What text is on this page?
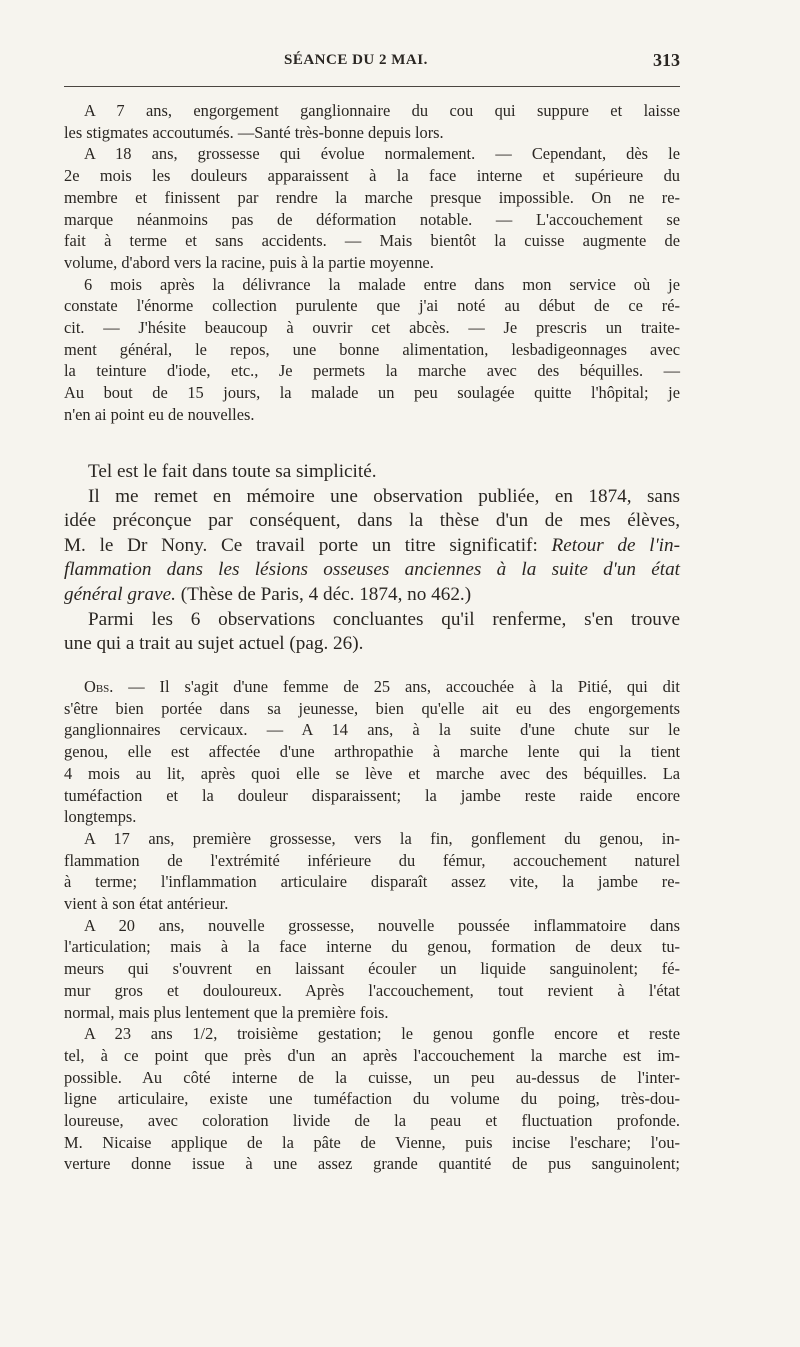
SÉANCE DU 2 MAI.	313

A 7 ans, engorgement ganglionnaire du cou qui suppure et laisse

les stigmates accoutumés. —Santé très-bonne depuis lors.

A 18 ans, grossesse qui évolue normalement. — Cependant, dès le

2e mois les douleurs apparaissent à la face interne et supérieure du

membre et finissent par rendre la marche presque impossible. On ne re-

marque néanmoins pas de déformation notable. — L'accouchement se

fait à terme et sans accidents. — Mais bientôt la cuisse augmente de

volume, d'abord vers la racine, puis à la partie moyenne.

6 mois après la délivrance la malade entre dans mon service où je

constate l'énorme collection purulente que j'ai noté au début de ce ré-

cit. — J'hésite beaucoup à ouvrir cet abcès. — Je prescris un traite-

ment général, le repos, une bonne alimentation, lesbadigeonnages avec

la teinture d'iode, etc., Je permets la marche avec des béquilles. —

Au bout de 15 jours, la malade un peu soulagée quitte l'hôpital; je

n'en ai point eu de nouvelles.

Tel est le fait dans toute sa simplicité.

Il me remet en mémoire une observation publiée, en 1874, sans

idée préconçue par conséquent, dans la thèse d'un de mes élèves,

M. le Dr Nony. Ce travail porte un titre significatif: Retour de l'in-

flammation dans les lésions osseuses anciennes à la suite d'un état

général grave. (Thèse de Paris, 4 déc. 1874, no 462.)

Parmi les 6 observations concluantes qu'il renferme, s'en trouve

une qui a trait au sujet actuel (pag. 26).

Obs. — Il s'agit d'une femme de 25 ans, accouchée à la Pitié, qui dit

s'être bien portée dans sa jeunesse, bien qu'elle ait eu des engorgements

ganglionnaires cervicaux. — A 14 ans, à la suite d'une chute sur le

genou, elle est affectée d'une arthropathie à marche lente qui la tient

4 mois au lit, après quoi elle se lève et marche avec des béquilles. La

tuméfaction et la douleur disparaissent; la jambe reste raide encore

longtemps.

A 17 ans, première grossesse, vers la fin, gonflement du genou, in-

flammation de l'extrémité inférieure du fémur, accouchement naturel

à terme; l'inflammation articulaire disparaît assez vite, la jambe re-

vient à son état antérieur.

A 20 ans, nouvelle grossesse, nouvelle poussée inflammatoire dans

l'articulation; mais à la face interne du genou, formation de deux tu-

meurs qui s'ouvrent en laissant écouler un liquide sanguinolent; fé-

mur gros et douloureux. Après l'accouchement, tout revient à l'état

normal, mais plus lentement que la première fois.

A 23 ans 1/2, troisième gestation; le genou gonfle encore et reste

tel, à ce point que près d'un an après l'accouchement la marche est im-

possible. Au côté interne de la cuisse, un peu au-dessus de l'inter-

ligne articulaire, existe une tuméfaction du volume du poing, très-dou-

loureuse, avec coloration livide de la peau et fluctuation profonde.

M. Nicaise applique de la pâte de Vienne, puis incise l'eschare; l'ou-

verture donne issue à une assez grande quantité de pus sanguinolent;
